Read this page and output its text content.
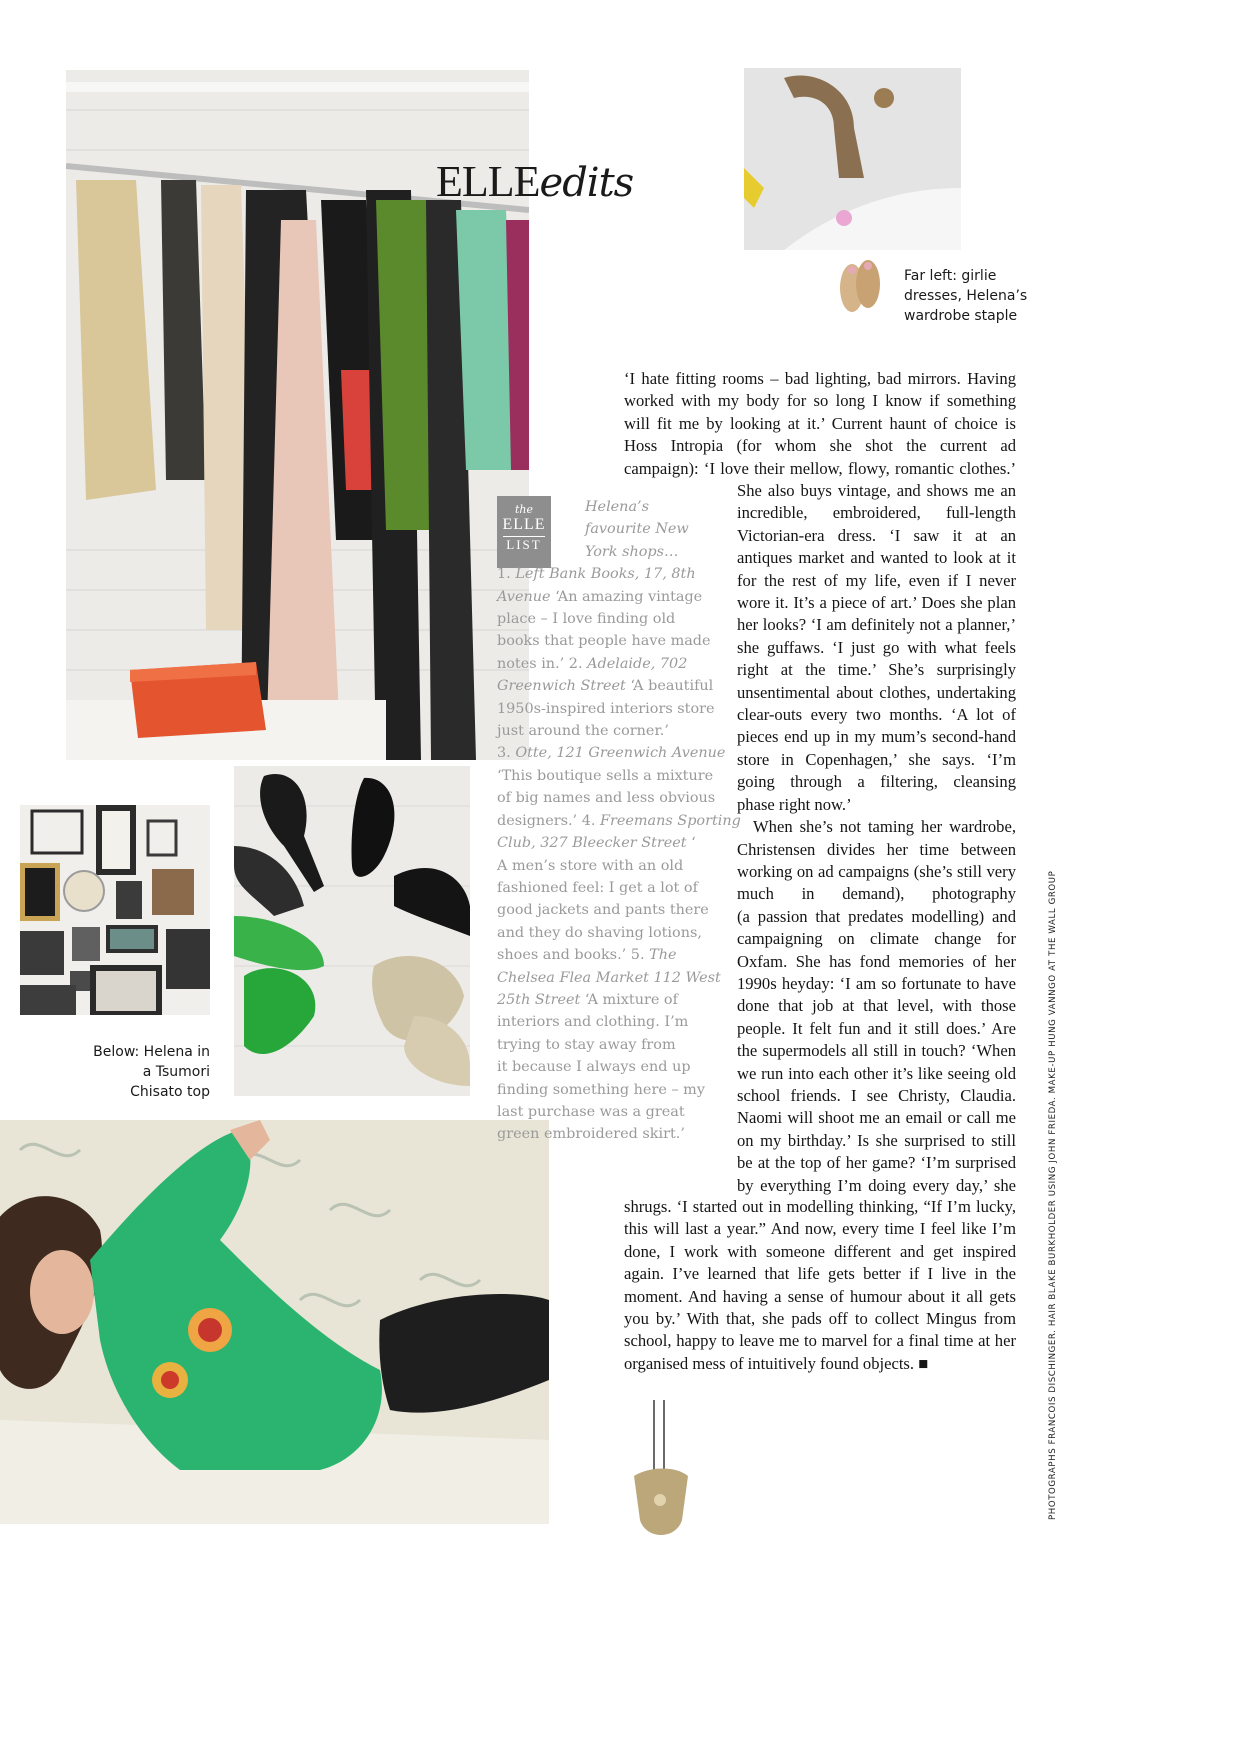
ELLEedits
Far left: girlie
dresses, Helena’s
wardrobe staple
Below: Helena in
a Tsumori
Chisato top
the
ELLE
LIST
Helena’s
favourite New
York shops…
1. Left Bank Books, 17, 8th
Avenue ‘An amazing vintage
place – I love finding old
books that people have made
notes in.’ 2. Adelaide, 702
Greenwich Street ‘A beautiful
1950s-inspired interiors store
just around the corner.’
3. Otte, 121 Greenwich Avenue
‘This boutique sells a mixture
of big names and less obvious
designers.’ 4. Freemans Sporting
Club, 327 Bleecker Street ‘
A men’s store with an old
fashioned feel: I get a lot of
good jackets and pants there
and they do shaving lotions,
shoes and books.’ 5. The
Chelsea Flea Market 112 West
25th Street ‘A mixture of
interiors and clothing. I’m
trying to stay away from
it because I always end up
finding something here – my
last purchase was a great
green embroidered skirt.’
‘I hate fitting rooms – bad lighting, bad mirrors. Having
worked with my body for so long I know if something
will fit me by looking at it.’ Current haunt of choice is
Hoss Intropia (for whom she shot the current ad
campaign): ‘I love their mellow, flowy, romantic clothes.’
She also buys vintage, and shows me an
incredible, embroidered, full-length
Victorian-era dress. ‘I saw it at an
antiques market and wanted to look at it
for the rest of my life, even if I never
wore it. It’s a piece of art.’ Does she plan
her looks? ‘I am definitely not a planner,’
she guffaws. ‘I just go with what feels
right at the time.’ She’s surprisingly
unsentimental about clothes, undertaking
clear-outs every two months. ‘A lot of
pieces end up in my mum’s second-hand
store in Copenhagen,’ she says. ‘I’m
going through a filtering, cleansing
phase right now.’
When she’s not taming her wardrobe,
Christensen divides her time between
working on ad campaigns (she’s still very
much in demand), photography
(a passion that predates modelling) and
campaigning on climate change for
Oxfam. She has fond memories of her
1990s heyday: ‘I am so fortunate to have
done that job at that level, with those
people. It felt fun and it still does.’ Are
the supermodels all still in touch? ‘When
we run into each other it’s like seeing old
school friends. I see Christy, Claudia.
Naomi will shoot me an email or call me
on my birthday.’ Is she surprised to still
be at the top of her game? ‘I’m surprised
by everything I’m doing every day,’ she
shrugs. ‘I started out in modelling thinking, “If I’m lucky,
this will last a year.” And now, every time I feel like I’m
done, I work with someone different and get inspired
again. I’ve learned that life gets better if I live in the
moment. And having a sense of humour about it all gets
you by.’ With that, she pads off to collect Mingus from
school, happy to leave me to marvel for a final time at her
organised mess of intuitively found objects. ■	PHOTOGRAPHS FRANCOIS DISCHINGER. HAIR BLAKE BURKHOLDER USING JOHN FRIEDA. MAKE-UP HUNG VANNGO AT THE WALL GROUP
